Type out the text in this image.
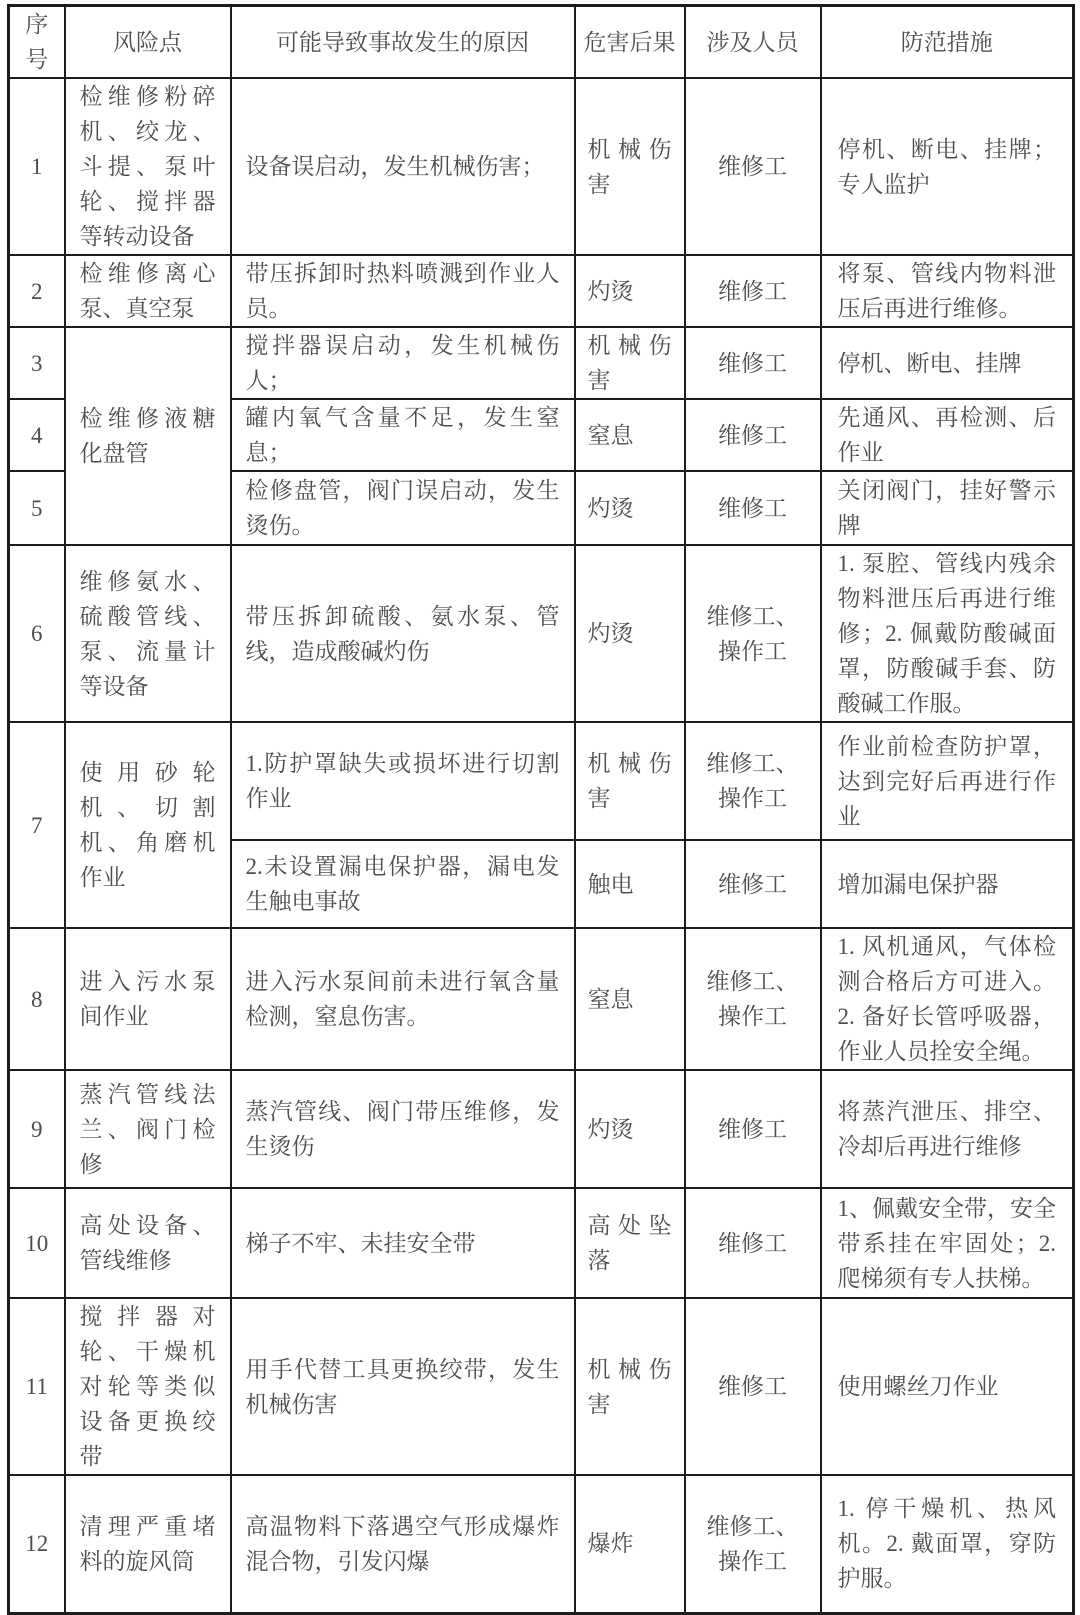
序号	风险点	可能导致事故发生的原因	危害后果	涉及人员	防范措施
1	检维修粉碎机、绞龙、斗提、泵叶轮、搅拌器等转动设备	设备误启动，发生机械伤害；	机械伤害	维修工	停机、断电、挂牌；专人监护
2	检维修离心泵、真空泵	带压拆卸时热料喷溅到作业人员。	灼烫	维修工	将泵、管线内物料泄压后再进行维修。
3	检维修液糖化盘管	搅拌器误启动，发生机械伤人；	机械伤害	维修工	停机、断电、挂牌
4		罐内氧气含量不足，发生窒息；	窒息	维修工	先通风、再检测、后作业
5		检修盘管，阀门误启动，发生烫伤。	灼烫	维修工	关闭阀门，挂好警示牌
6	维修氨水、硫酸管线、泵、流量计等设备	带压拆卸硫酸、氨水泵、管线，造成酸碱灼伤	灼烫	维修工、操作工	1. 泵腔、管线内残余物料泄压后再进行维修；2. 佩戴防酸碱面罩，防酸碱手套、防酸碱工作服。
7	使用砂轮机、切割机、角磨机作业	1.防护罩缺失或损坏进行切割作业	机械伤害	维修工、操作工	作业前检查防护罩，达到完好后再进行作业
		2.未设置漏电保护器，漏电发生触电事故	触电	维修工	增加漏电保护器
8	进入污水泵间作业	进入污水泵间前未进行氧含量检测，窒息伤害。	窒息	维修工、操作工	1. 风机通风，气体检测合格后方可进入。2. 备好长管呼吸器，作业人员拴安全绳。
9	蒸汽管线法兰、阀门检修	蒸汽管线、阀门带压维修，发生烫伤	灼烫	维修工	将蒸汽泄压、排空、冷却后再进行维修
10	高处设备、管线维修	梯子不牢、未挂安全带	高处坠落	维修工	1、佩戴安全带，安全带系挂在牢固处；2. 爬梯须有专人扶梯。
11	搅拌器对轮、干燥机对轮等类似设备更换绞带	用手代替工具更换绞带，发生机械伤害	机械伤害	维修工	使用螺丝刀作业
12	清理严重堵料的旋风筒	高温物料下落遇空气形成爆炸混合物，引发闪爆	爆炸	维修工、操作工	1. 停干燥机、热风机。2. 戴面罩，穿防护服。
